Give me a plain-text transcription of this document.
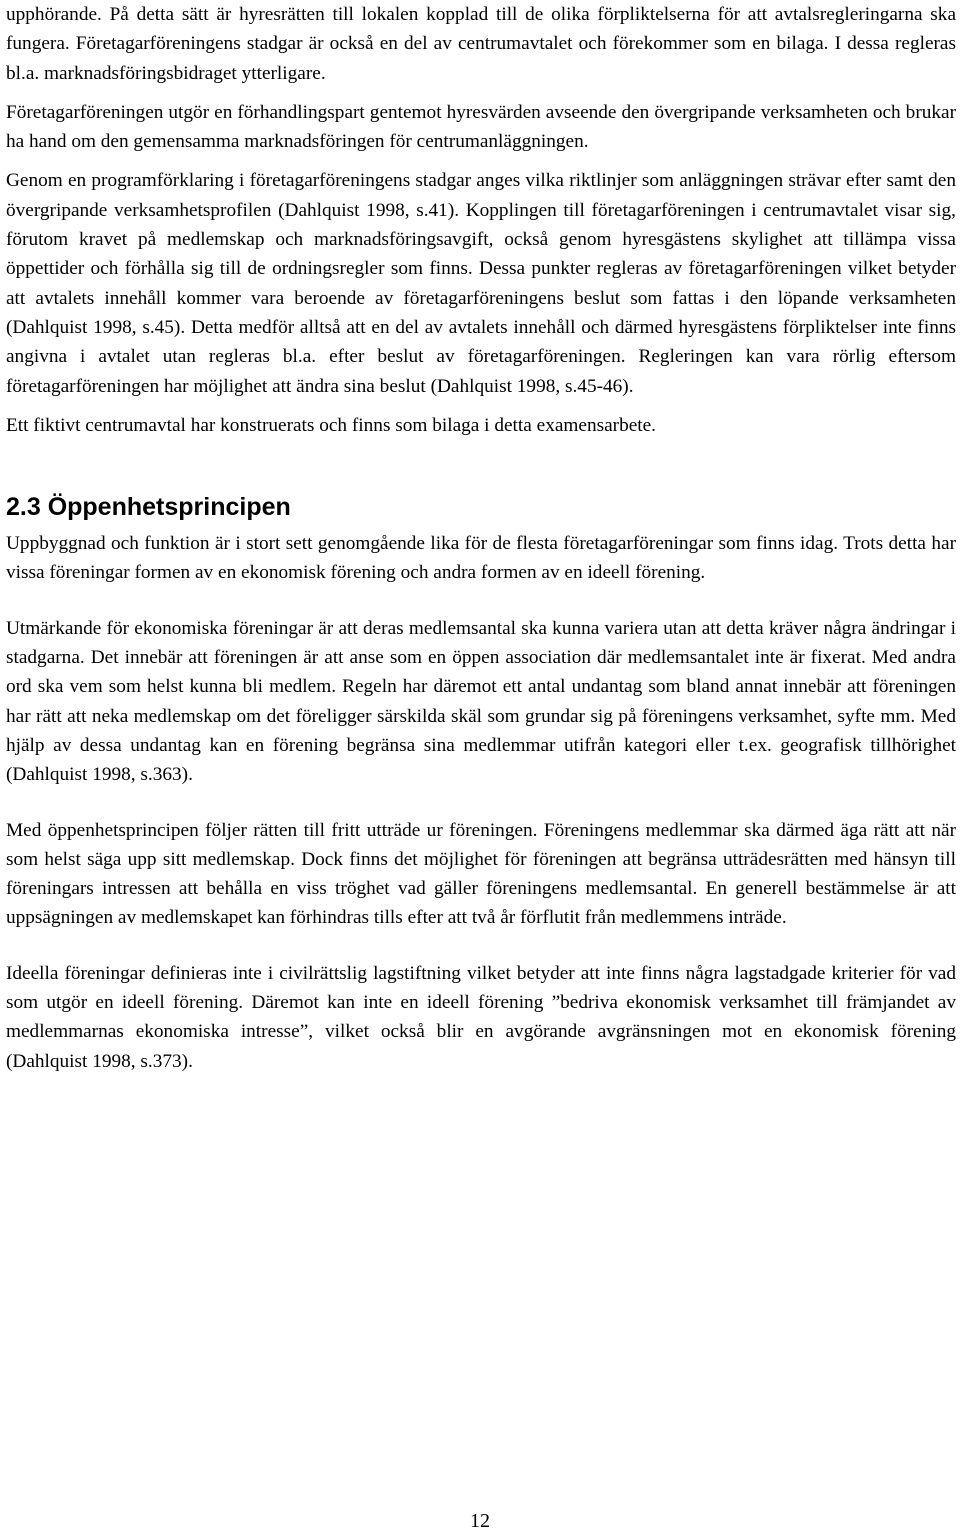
upphörande. På detta sätt är hyresrätten till lokalen kopplad till de olika förpliktelserna för att avtalsregleringarna ska fungera. Företagarföreningens stadgar är också en del av centrumavtalet och förekommer som en bilaga. I dessa regleras bl.a. marknadsföringsbidraget ytterligare.

Företagarföreningen utgör en förhandlingspart gentemot hyresvärden avseende den övergripande verksamheten och brukar ha hand om den gemensamma marknadsföringen för centrumanläggningen.

Genom en programförklaring i företagarföreningens stadgar anges vilka riktlinjer som anläggningen strävar efter samt den övergripande verksamhetsprofilen (Dahlquist 1998, s.41). Kopplingen till företagarföreningen i centrumavtalet visar sig, förutom kravet på medlemskap och marknadsföringsavgift, också genom hyresgästens skylighet att tillämpa vissa öppettider och förhålla sig till de ordningsregler som finns. Dessa punkter regleras av företagarföreningen vilket betyder att avtalets innehåll kommer vara beroende av företagarföreningens beslut som fattas i den löpande verksamheten (Dahlquist 1998, s.45). Detta medför alltså att en del av avtalets innehåll och därmed hyresgästens förpliktelser inte finns angivna i avtalet utan regleras bl.a. efter beslut av företagarföreningen. Regleringen kan vara rörlig eftersom företagarföreningen har möjlighet att ändra sina beslut (Dahlquist 1998, s.45-46).

Ett fiktivt centrumavtal har konstruerats och finns som bilaga i detta examensarbete.

2.3 Öppenhetsprincipen

Uppbyggnad och funktion är i stort sett genomgående lika för de flesta företagarföreningar som finns idag. Trots detta har vissa föreningar formen av en ekonomisk förening och andra formen av en ideell förening.

Utmärkande för ekonomiska föreningar är att deras medlemsantal ska kunna variera utan att detta kräver några ändringar i stadgarna. Det innebär att föreningen är att anse som en öppen association där medlemsantalet inte är fixerat. Med andra ord ska vem som helst kunna bli medlem. Regeln har däremot ett antal undantag som bland annat innebär att föreningen har rätt att neka medlemskap om det föreligger särskilda skäl som grundar sig på föreningens verksamhet, syfte mm. Med hjälp av dessa undantag kan en förening begränsa sina medlemmar utifrån kategori eller t.ex. geografisk tillhörighet (Dahlquist 1998, s.363).

Med öppenhetsprincipen följer rätten till fritt utträde ur föreningen. Föreningens medlemmar ska därmed äga rätt att när som helst säga upp sitt medlemskap. Dock finns det möjlighet för föreningen att begränsa utträdesrätten med hänsyn till föreningars intressen att behålla en viss tröghet vad gäller föreningens medlemsantal. En generell bestämmelse är att uppsägningen av medlemskapet kan förhindras tills efter att två år förflutit från medlemmens inträde.

Ideella föreningar definieras inte i civilrättslig lagstiftning vilket betyder att inte finns några lagstadgade kriterier för vad som utgör en ideell förening. Däremot kan inte en ideell förening ”bedriva ekonomisk verksamhet till främjandet av medlemmarnas ekonomiska intresse”, vilket också blir en avgörande avgränsningen mot en ekonomisk förening (Dahlquist 1998, s.373).

12
